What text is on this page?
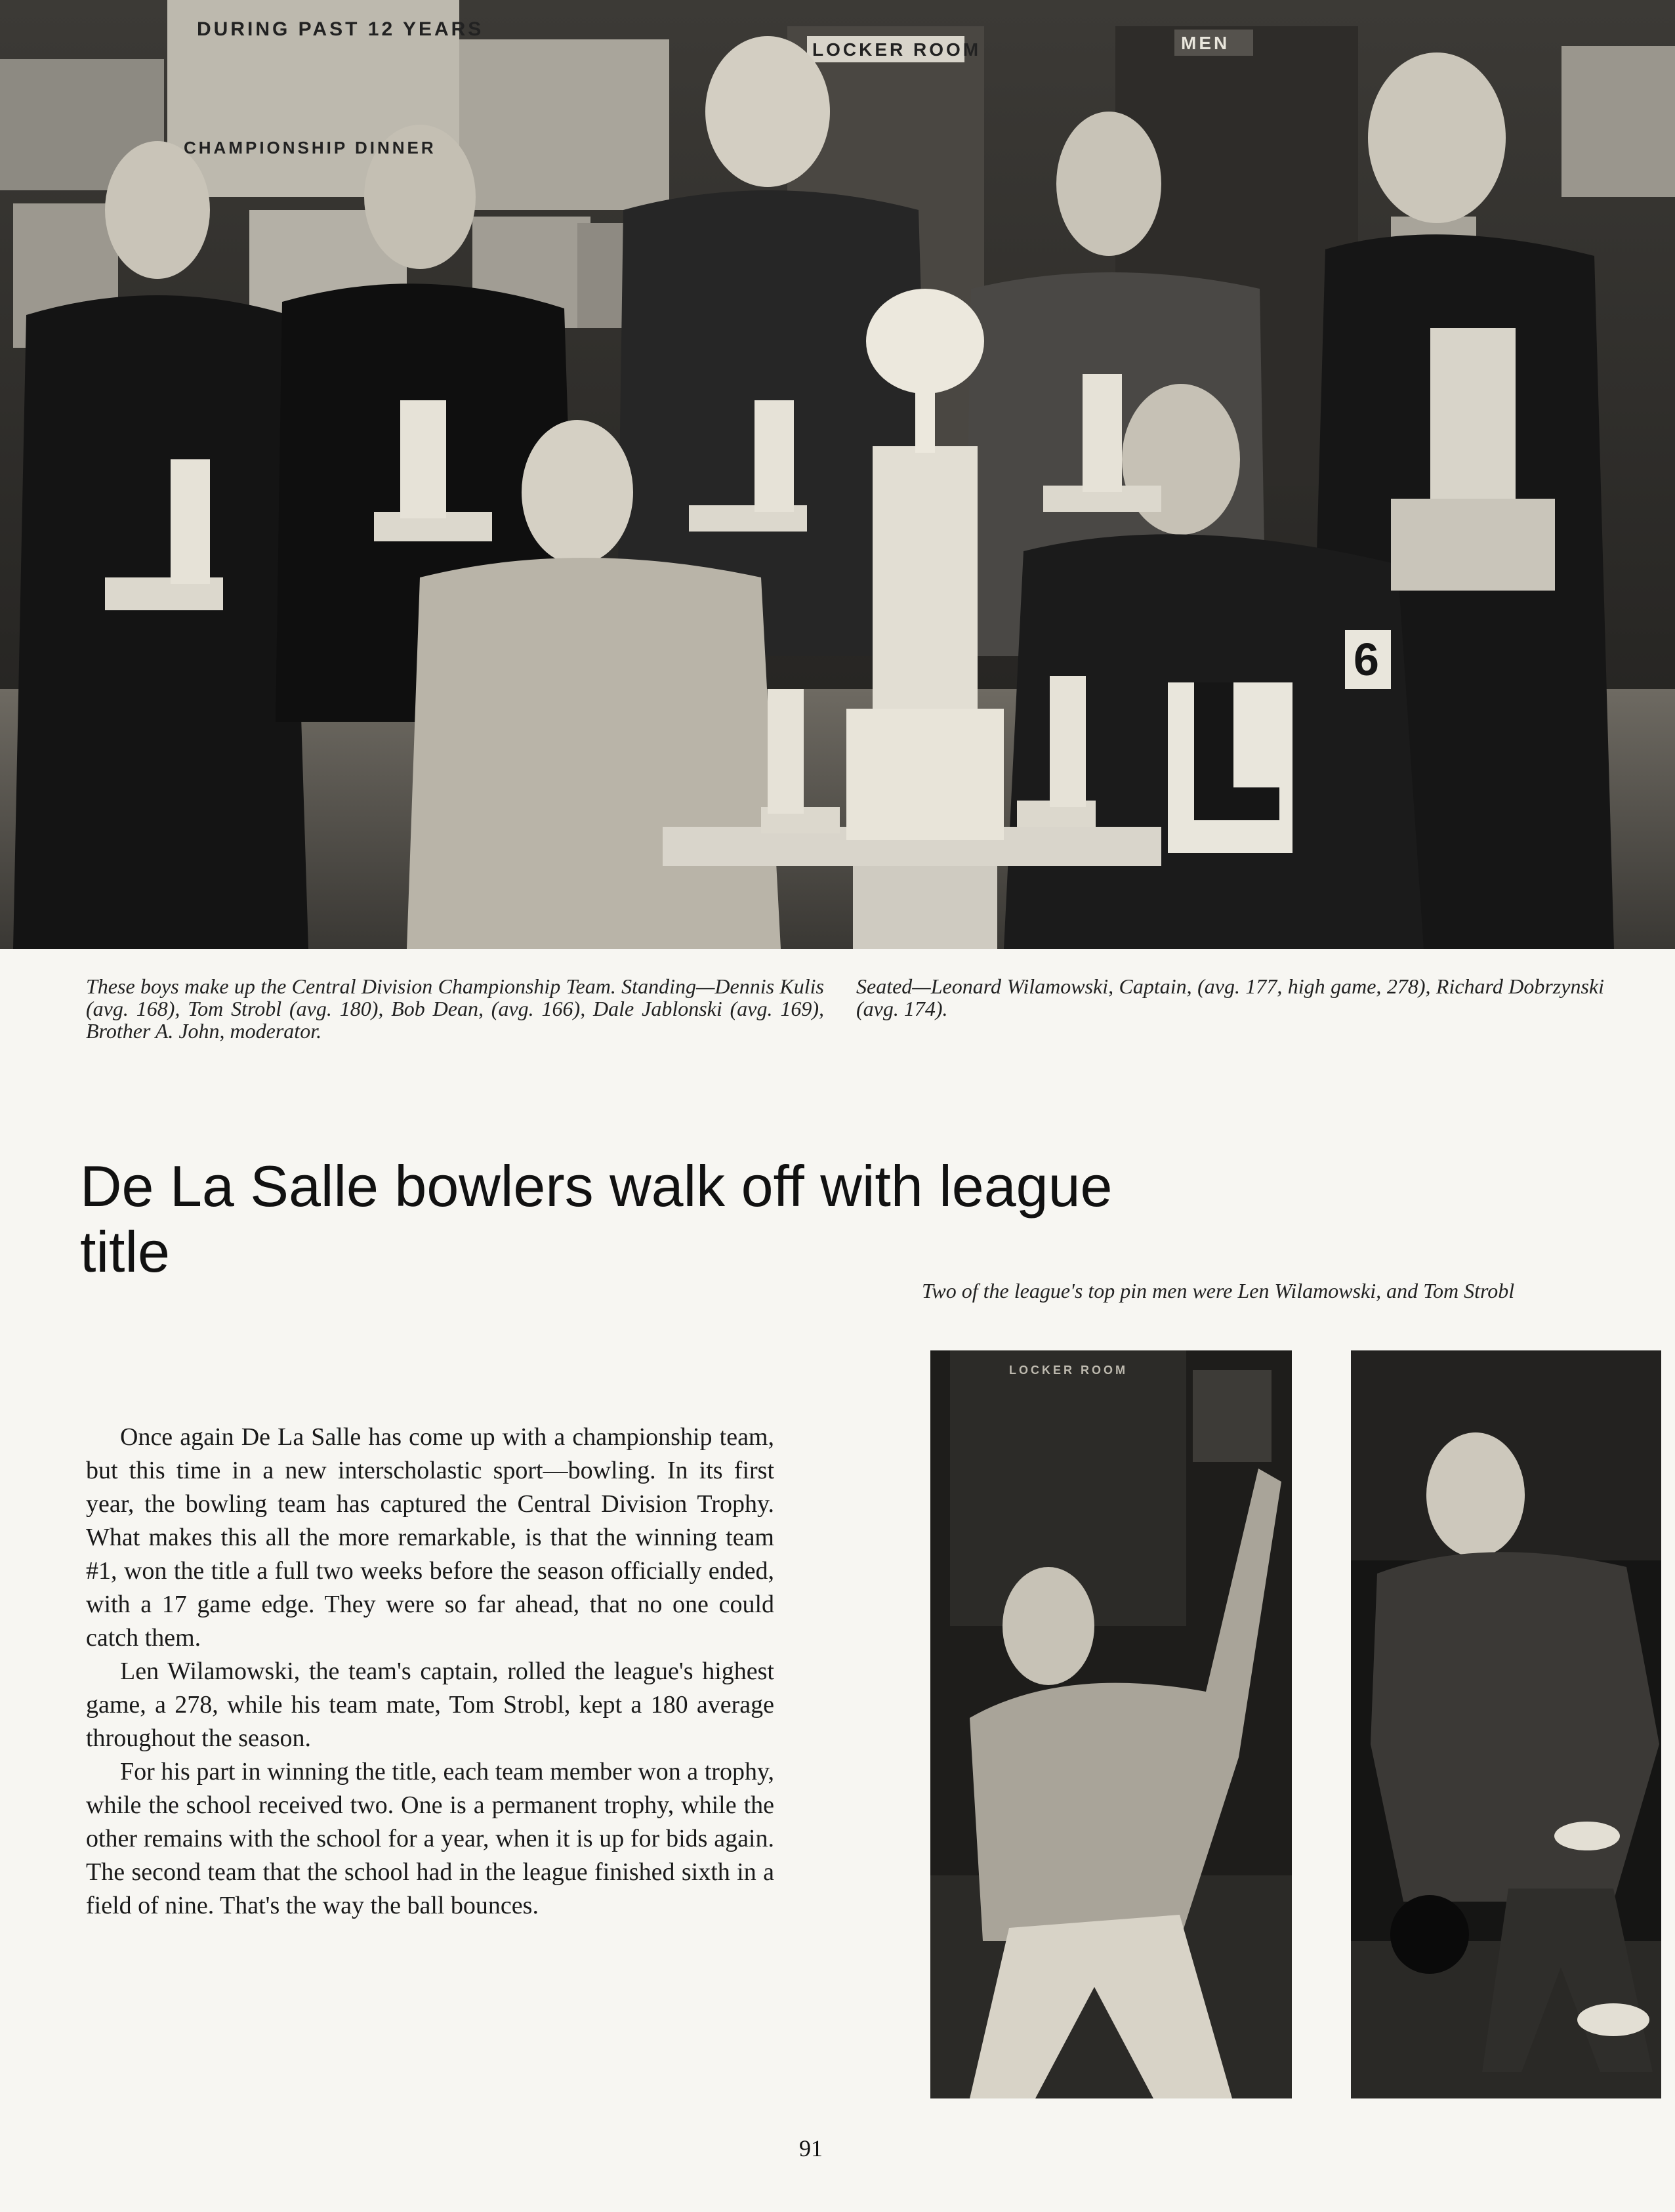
DURING PAST 12 YEARS
CHAMPIONSHIP DINNER
LOCKER ROOM	MEN
6
These boys make up the Central Division Championship Team. Standing—Dennis Kulis (avg. 168), Tom Strobl (avg. 180), Bob Dean, (avg. 166), Dale Jablonski (avg. 169), Brother A. John, moderator.
Seated—Leonard Wilamowski, Captain, (avg. 177, high game, 278), Richard Dobrzynski (avg. 174).
De La Salle bowlers walk off with league title
Two of the league's top pin men were Len Wilamowski, and Tom Strobl
LOCKER ROOM

Once again De La Salle has come up with a championship team, but this time in a new interscholastic sport—bowling. In its first year, the bowling team has captured the Central Division Trophy. What makes this all the more remarkable, is that the winning team #1, won the title a full two weeks before the season officially ended, with a 17 game edge. They were so far ahead, that no one could catch them.

Len Wilamowski, the team's captain, rolled the league's highest game, a 278, while his team mate, Tom Strobl, kept a 180 average throughout the season.

For his part in winning the title, each team member won a trophy, while the school received two. One is a permanent trophy, while the other remains with the school for a year, when it is up for bids again. The second team that the school had in the league finished sixth in a field of nine. That's the way the ball bounces.

91
